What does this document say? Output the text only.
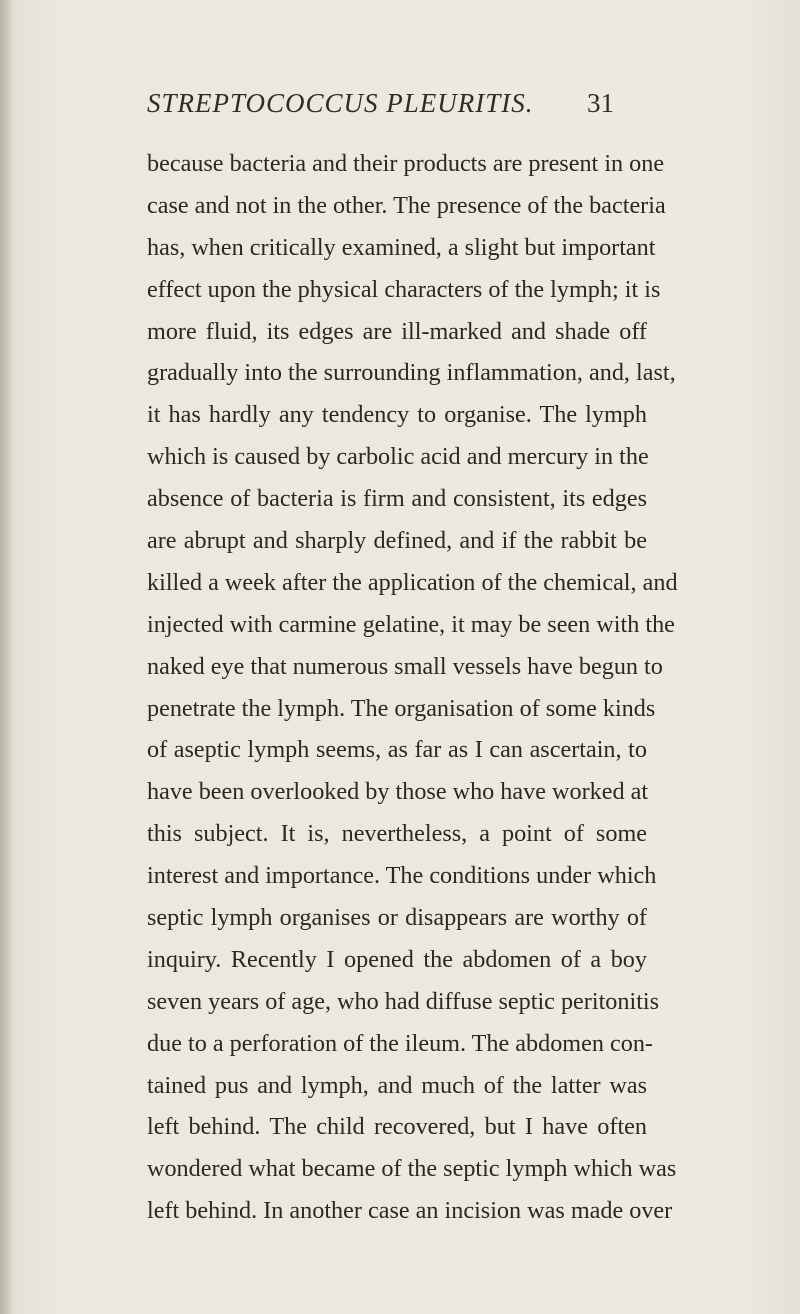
STREPTOCOCCUS PLEURITIS. 31
because bacteria and their products are present in one
case and not in the other. The presence of the bacteria
has, when critically examined, a slight but important
effect upon the physical characters of the lymph; it is
more fluid, its edges are ill-marked and shade off
gradually into the surrounding inflammation, and, last,
it has hardly any tendency to organise. The lymph
which is caused by carbolic acid and mercury in the
absence of bacteria is firm and consistent, its edges
are abrupt and sharply defined, and if the rabbit be
killed a week after the application of the chemical, and
injected with carmine gelatine, it may be seen with the
naked eye that numerous small vessels have begun to
penetrate the lymph. The organisation of some kinds
of aseptic lymph seems, as far as I can ascertain, to
have been overlooked by those who have worked at
this subject. It is, nevertheless, a point of some
interest and importance. The conditions under which
septic lymph organises or disappears are worthy of
inquiry. Recently I opened the abdomen of a boy
seven years of age, who had diffuse septic peritonitis
due to a perforation of the ileum. The abdomen con-
tained pus and lymph, and much of the latter was
left behind. The child recovered, but I have often
wondered what became of the septic lymph which was
left behind. In another case an incision was made over
